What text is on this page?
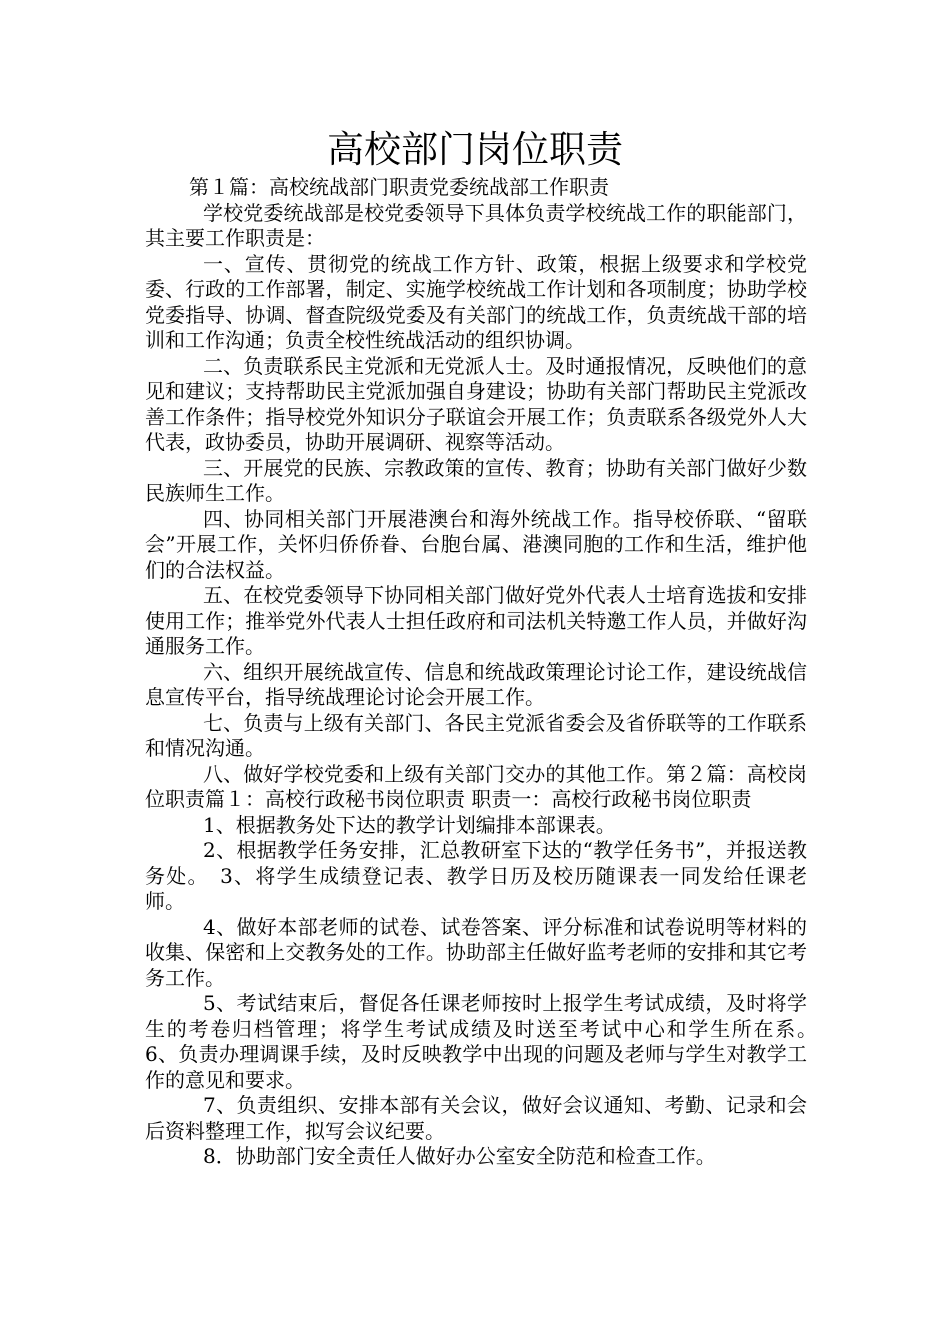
高校部门岗位职责

第１篇：高校统战部门职责党委统战部工作职责

学校党委统战部是校党委领导下具体负责学校统战工作的职能部门，其主要工作职责是：

一、宣传、贯彻党的统战工作方针、政策，根据上级要求和学校党委、行政的工作部署，制定、实施学校统战工作计划和各项制度；协助学校党委指导、协调、督查院级党委及有关部门的统战工作，负责统战干部的培训和工作沟通；负责全校性统战活动的组织协调。

二、负责联系民主党派和无党派人士。及时通报情况，反映他们的意见和建议；支持帮助民主党派加强自身建设；协助有关部门帮助民主党派改善工作条件；指导校党外知识分子联谊会开展工作；负责联系各级党外人大代表，政协委员，协助开展调研、视察等活动。

三、开展党的民族、宗教政策的宣传、教育；协助有关部门做好少数民族师生工作。

四、协同相关部门开展港澳台和海外统战工作。指导校侨联、“留联会”开展工作，关怀归侨侨眷、台胞台属、港澳同胞的工作和生活，维护他们的合法权益。

五、在校党委领导下协同相关部门做好党外代表人士培育选拔和安排使用工作；推举党外代表人士担任政府和司法机关特邀工作人员，并做好沟通服务工作。

六、组织开展统战宣传、信息和统战政策理论讨论工作，建设统战信息宣传平台，指导统战理论讨论会开展工作。

七、负责与上级有关部门、各民主党派省委会及省侨联等的工作联系和情况沟通。

八、做好学校党委和上级有关部门交办的其他工作。第２篇：高校岗位职责篇１：高校行政秘书岗位职责 职责一：高校行政秘书岗位职责

1、根据教务处下达的教学计划编排本部课表。

2、根据教学任务安排，汇总教研室下达的“教学任务书”，并报送教务处。　3、将学生成绩登记表、教学日历及校历随课表一同发给任课老师。

4、做好本部老师的试卷、试卷答案、评分标准和试卷说明等材料的收集、保密和上交教务处的工作。协助部主任做好监考老师的安排和其它考务工作。

5、考试结束后，督促各任课老师按时上报学生考试成绩，及时将学生的考卷归档管理；将学生考试成绩及时送至考试中心和学生所在系。　6、负责办理调课手续，及时反映教学中出现的问题及老师与学生对教学工作的意见和要求。

7、负责组织、安排本部有关会议，做好会议通知、考勤、记录和会后资料整理工作，拟写会议纪要。

8．协助部门安全责任人做好办公室安全防范和检查工作。
